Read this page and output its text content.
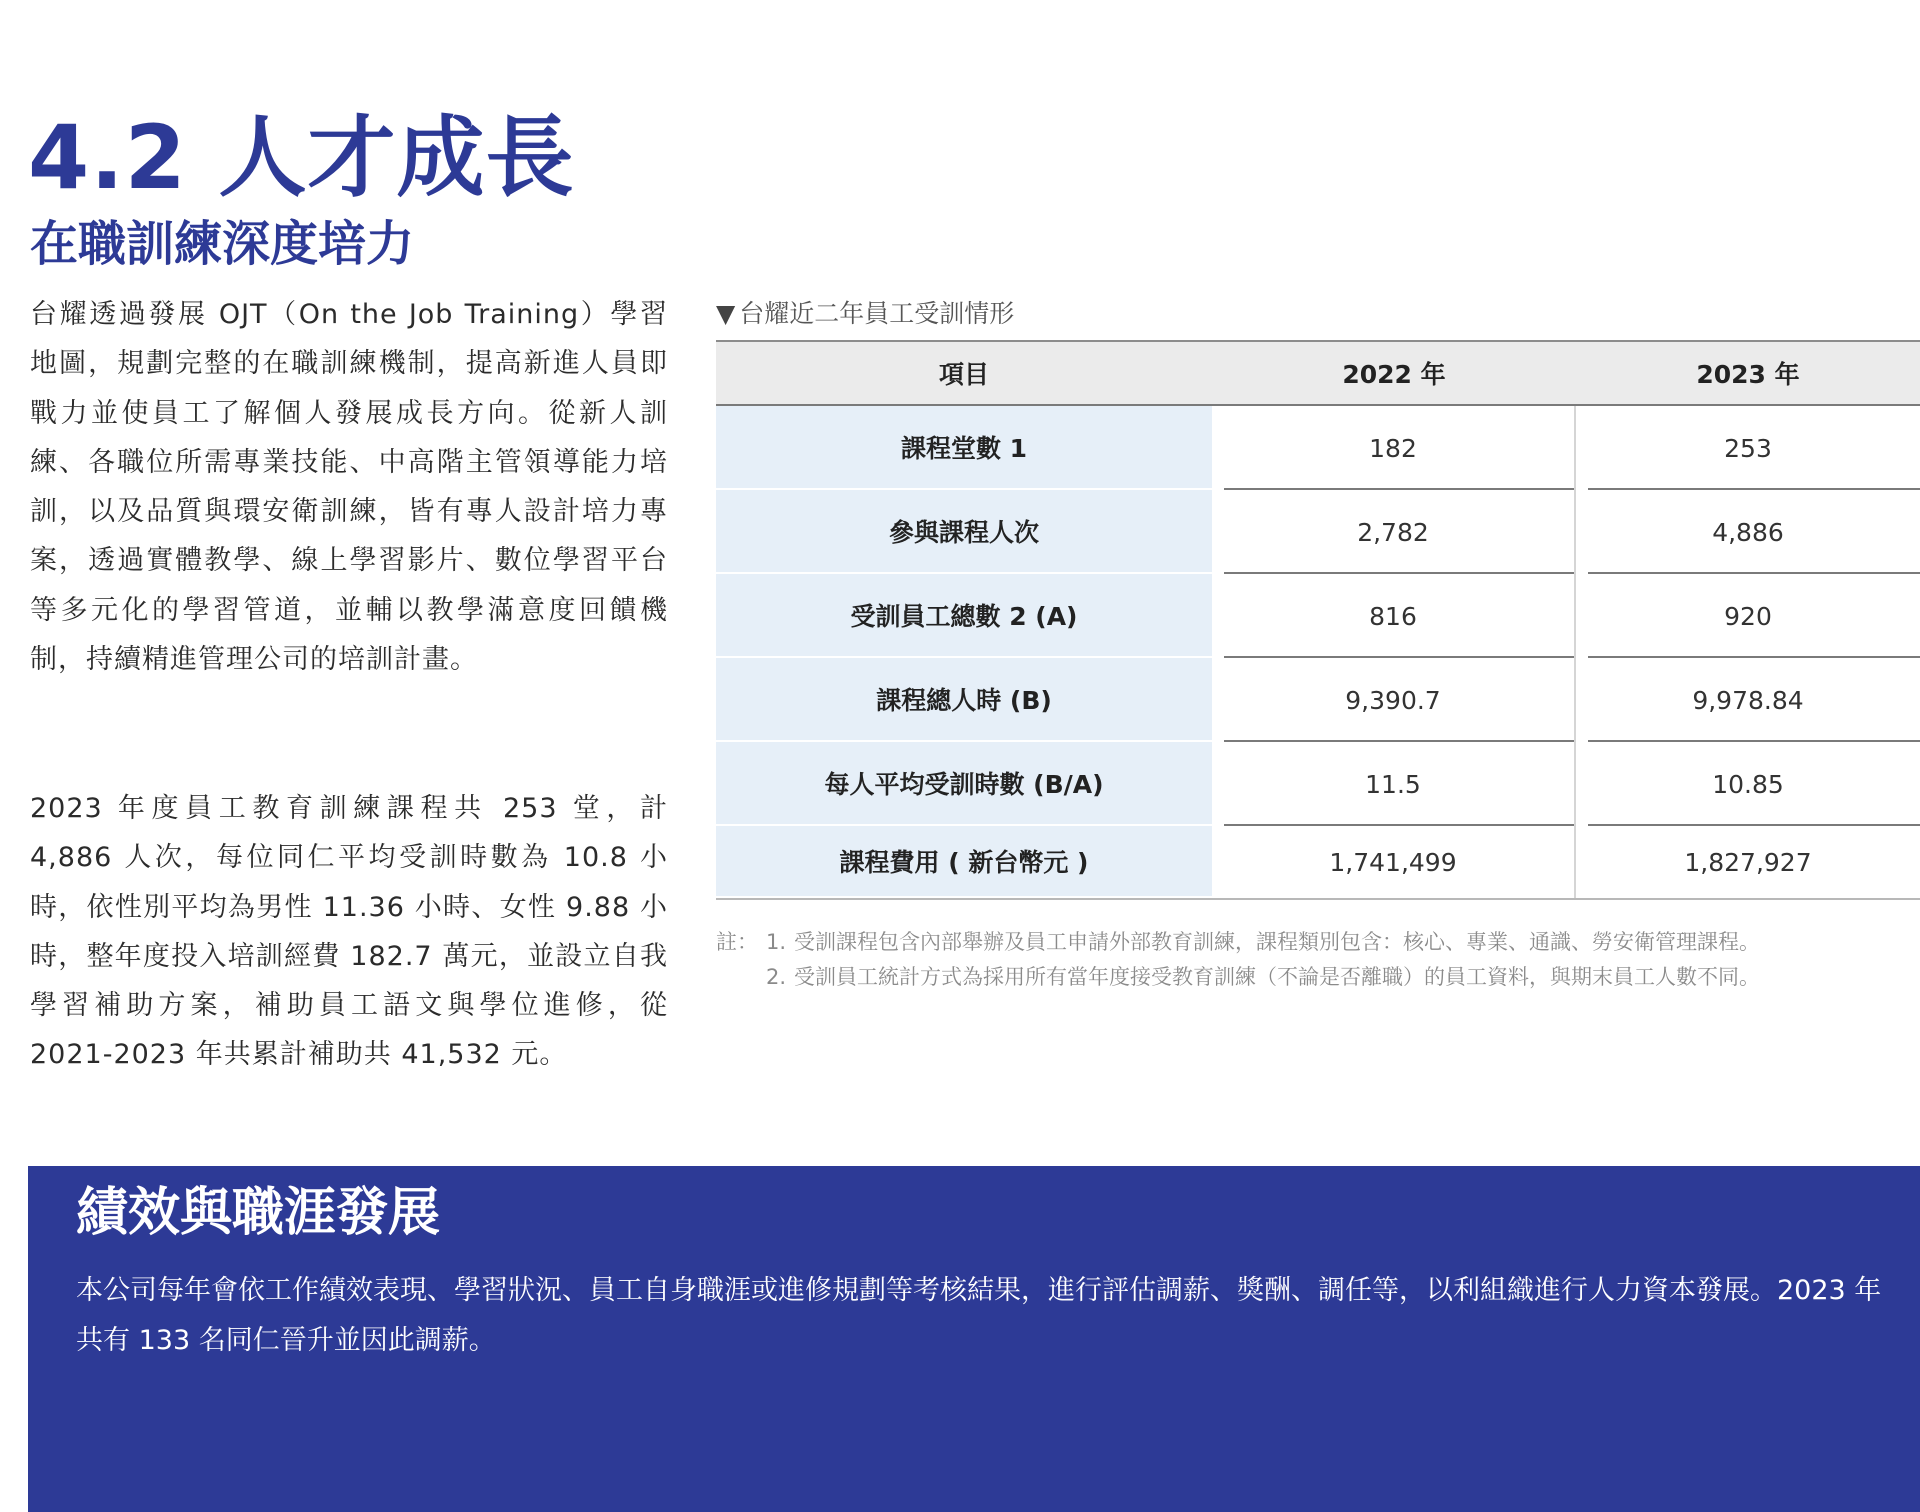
4.2 人才成長
在職訓練深度培力

台耀透過發展 OJT（On the Job Training）學習地圖，規劃完整的在職訓練機制，提高新進人員即戰力並使員工了解個人發展成長方向。從新人訓練、各職位所需專業技能、中高階主管領導能力培訓，以及品質與環安衛訓練，皆有專人設計培力專案，透過實體教學、線上學習影片、數位學習平台等多元化的學習管道，並輔以教學滿意度回饋機制，持續精進管理公司的培訓計畫。

2023 年度員工教育訓練課程共 253 堂，計 4,886 人次，每位同仁平均受訓時數為 10.8 小時，依性別平均為男性 11.36 小時、女性 9.88 小時，整年度投入培訓經費 182.7 萬元，並設立自我學習補助方案，補助員工語文與學位進修，從 2021-2023 年共累計補助共 41,532 元。

▼ 台耀近二年員工受訓情形
項目	2022 年	2023 年
課程堂數 1	182	253
參與課程人次	2,782	4,886
受訓員工總數 2 (A)	816	920
課程總人時 (B)	9,390.7	9,978.84
每人平均受訓時數 (B/A)	11.5	10.85
課程費用 ( 新台幣元 )	1,741,499	1,827,927
註： 1. 受訓課程包含內部舉辦及員工申請外部教育訓練，課程類別包含：核心、專業、通識、勞安衛管理課程。
2. 受訓員工統計方式為採用所有當年度接受教育訓練（不論是否離職）的員工資料，與期末員工人數不同。
績效與職涯發展

本公司每年會依工作績效表現、學習狀況、員工自身職涯或進修規劃等考核結果，進行評估調薪、獎酬、調任等，以利組織進行人力資本發展。2023 年共有 133 名同仁晉升並因此調薪。
